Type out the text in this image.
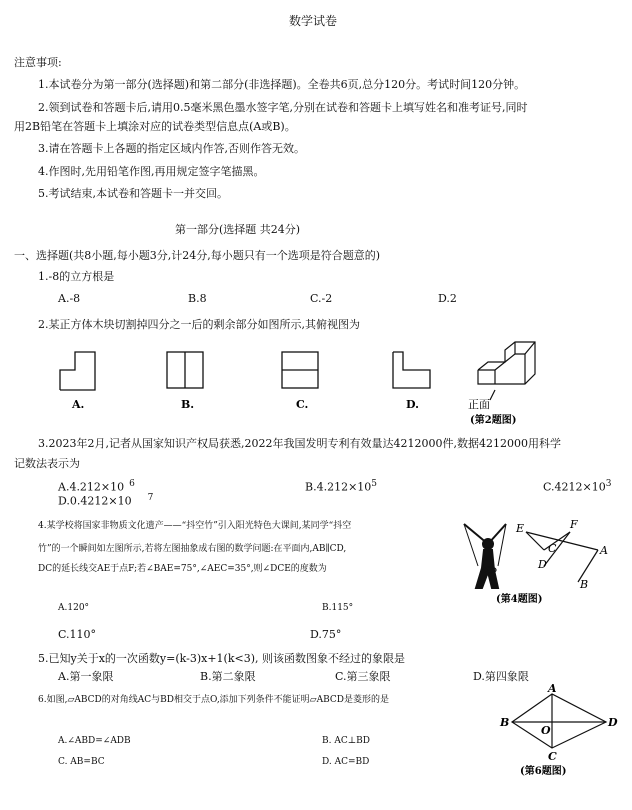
数学试卷
注意事项:
1.本试卷分为第一部分(选择题)和第二部分(非选择题)。全卷共6页,总分120分。考试时间120分钟。
2.领到试卷和答题卡后,请用0.5毫米黑色墨水签字笔,分别在试卷和答题卡上填写姓名和准考证号,同时
用2B铅笔在答题卡上填涂对应的试卷类型信息点(A或B)。
3.请在答题卡上各题的指定区域内作答,否则作答无效。
4.作图时,先用铅笔作图,再用规定签字笔描黑。
5.考试结束,本试卷和答题卡一并交回。
第一部分(选择题 共24分)
一、选择题(共8小题,每小题3分,计24分,每小题只有一个选项是符合题意的)
1.-8的立方根是
A.-8	B.8	C.-2	D.2
2.某正方体木块切割掉四分之一后的剩余部分如图所示,其俯视图为
A.	B.	C.	D.	正面
(第2题图)
3.2023年2月,记者从国家知识产权局获悉,2022年我国发明专利有效量达4212000件,数据4212000用科学
记数法表示为
A.4.212×10 $^6$	$B.4.212\times 10^5$	$C.4212\times 10^3$
D.0.4212×10 $^7$
4.某学校将国家非物质文化遗产——“抖空竹”引入阳光特色大课间,某同学“抖空
竹”的一个瞬间如左图所示,若将左图抽象成右图的数学问题:在平面内,AB∥CD,
DC的延长线交AE于点F;若∠BAE=75°,∠AEC=35°,则∠DCE的度数为
A.120°	B.115°
C.110°	D.75°
E	F
C	A
D
B
(第4题图)
5.已知y关于x的一次函数y=(k-3)x+1(k<3), 则该函数图象不经过的象限是
A.第一象限	B.第二象限	C.第三象限	D.第四象限
6.如图,▱ABCD的对角线AC与BD相交于点O,添加下列条件不能证明▱ABCD是菱形的是
A.∠ABD=∠ADB	B. AC⊥BD
C. AB=BC	D. AC=BD
A
B
O
D
C
(第6题图)
